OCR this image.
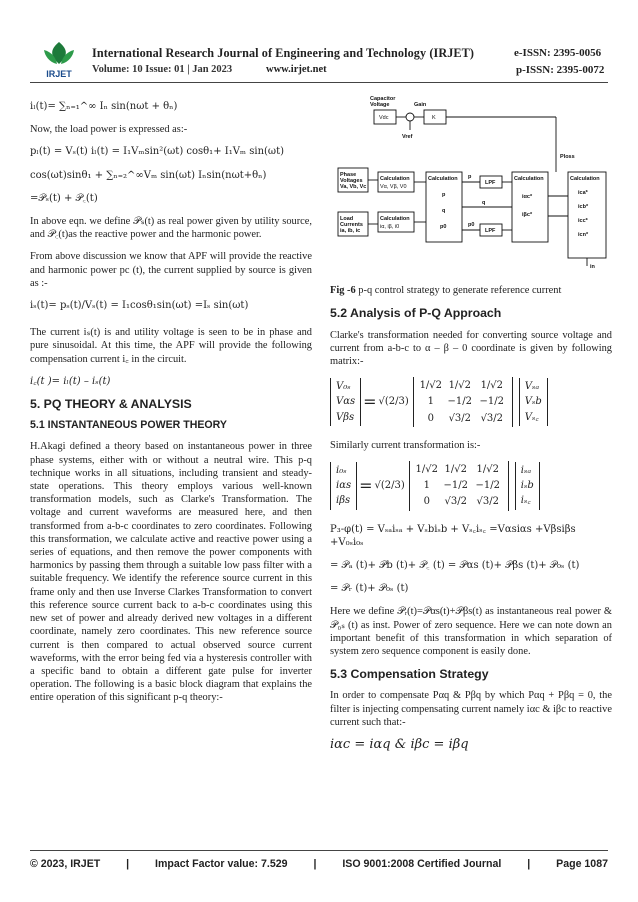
IRJET
International Research Journal of Engineering and Technology (IRJET)	e-ISSN: 2395-0056
Volume: 10 Issue: 01 | Jan 2023	www.irjet.net	p-ISSN: 2395-0072
iₗ(t)= ∑ₙ₌₁^∞ Iₙ sin(nωt + θₙ)

Now, the load power is expressed as:-

pₗ(t) = Vₛ(t) iₗ(t) = I₁Vₘsin²(ωt) cosθ₁+ I₁Vₘ sin(ωt)
cos(ωt)sinθ₁ + ∑ₙ₌₂^∞Vₘ sin(ωt) Iₙsin(nωt+θₙ)
=𝒫ₛ(t) + 𝒫꜀(t)

In above eqn. we define 𝒫ₛ(t) as real power given by utility source, and 𝒫꜀(t)as the reactive power and the harmonic power.

From above discussion we know that APF will provide the reactive and harmonic power pc (t), the current supplied by source is given as :-

iₛ(t)= pₛ(t)/Vₛ(t) = I₁cosθ₁sin(ωt) =Iₛ sin(ωt)

The current iₛ(t) is and utility voltage is seen to be in phase and pure sinusoidal. At this time, the APF will provide the following compensation current i꜀ in the circuit.

i꜀(t )= iₗ(t) – iₛ(t)
5. PQ THEORY & ANALYSIS
5.1 INSTANTANEOUS POWER THEORY

H.Akagi defined a theory based on instantaneous power in three phase systems, either with or without a neutral wire. This p-q technique works in all situations, including transient and steady-state operations. This theory employs various well-known transformation models, such as Clarke's Transformation. The voltage and current waveforms are measured here, and then transformed from a-b-c coordinates to zero coordinates. Following this transformation, we calculate active and reactive power using a series of equations, and then remove the power components with harmonics by passing them through a suitable low pass filter with a suitable frequency. We identify the reference source current in this frame only and then use Inverse Clarkes Transformation to convert this reference source current back to a-b-c coordinates using this new set of power and already derived new voltages in a different coordinate, namely zero coordinates. This new reference source current is then compared to actual observed source current waveforms, with the error being fed via a hysteresis controller with a specific band to obtain a different gate pulse for inverter operation. The following is a basic block diagram that explains the entire operation of this significant p-q theory:-

Capacitor
Voltage	Gain
Vdc	K
Vref
Ploss
Phase
Voltages
Va, Vb, Vc
Load
Currents
ia, ib, ic
Calculation
Vα, Vβ, V0
Calculation
iα, iβ, i0
Calculation
p
q
p0
LPF
LPF
p
q
p0
Calculation
iαc*
iβc*
Calculation
ica*
icb*
icc*
icn*
in
Fig -6 p-q control strategy to generate reference current
5.2 Analysis of P-Q Approach

Clarke's transformation needed for converting source voltage and current from a-b-c to α – β – 0 coordinate is given by following matrix:-

V₀ₛ
Vαs
Vβs
= √(2/3)
1/√2 1/√2 1/√2
1	−1/2 −1/2
0	√3/2 √3/2
Vₛₐ
Vₛb
Vₛ꜀

Similarly current transformation is:-

i₀ₛ
iαs
iβs
= √(2/3)
1/√2 1/√2 1/√2
1	−1/2 −1/2
0	√3/2 √3/2
iₛₐ
iₛb
iₛ꜀
P₃-φ(t) = Vₛₐiₛₐ + Vₛbiₛb + Vₛ꜀iₛ꜀ =Vαsiαs +Vβsiβs +V₀ₛi₀ₛ
= 𝒫ₐ (t)+ 𝒫b (t)+ 𝒫꜀ (t) = 𝒫αs (t)+ 𝒫βs (t)+ 𝒫₀ₛ (t)
= 𝒫ᵣ (t)+ 𝒫₀ₛ (t)

Here we define 𝒫ᵣ(t)=𝒫αs(t)+𝒫βs(t) as instantaneous real power & 𝒫₀ₛ (t) as inst. Power of zero sequence. Here we can note down an important benefit of this transformation in which separation of system zero sequence component is easily done.

5.3 Compensation Strategy

In order to compensate Pαq & Pβq by which Pαq + Pβq = 0, the filter is injecting compensating current namely iαc & iβc to reactive current such that:-

iαc = iαq & iβc = iβq
© 2023, IRJET | Impact Factor value: 7.529 | ISO 9001:2008 Certified Journal | Page 1087
